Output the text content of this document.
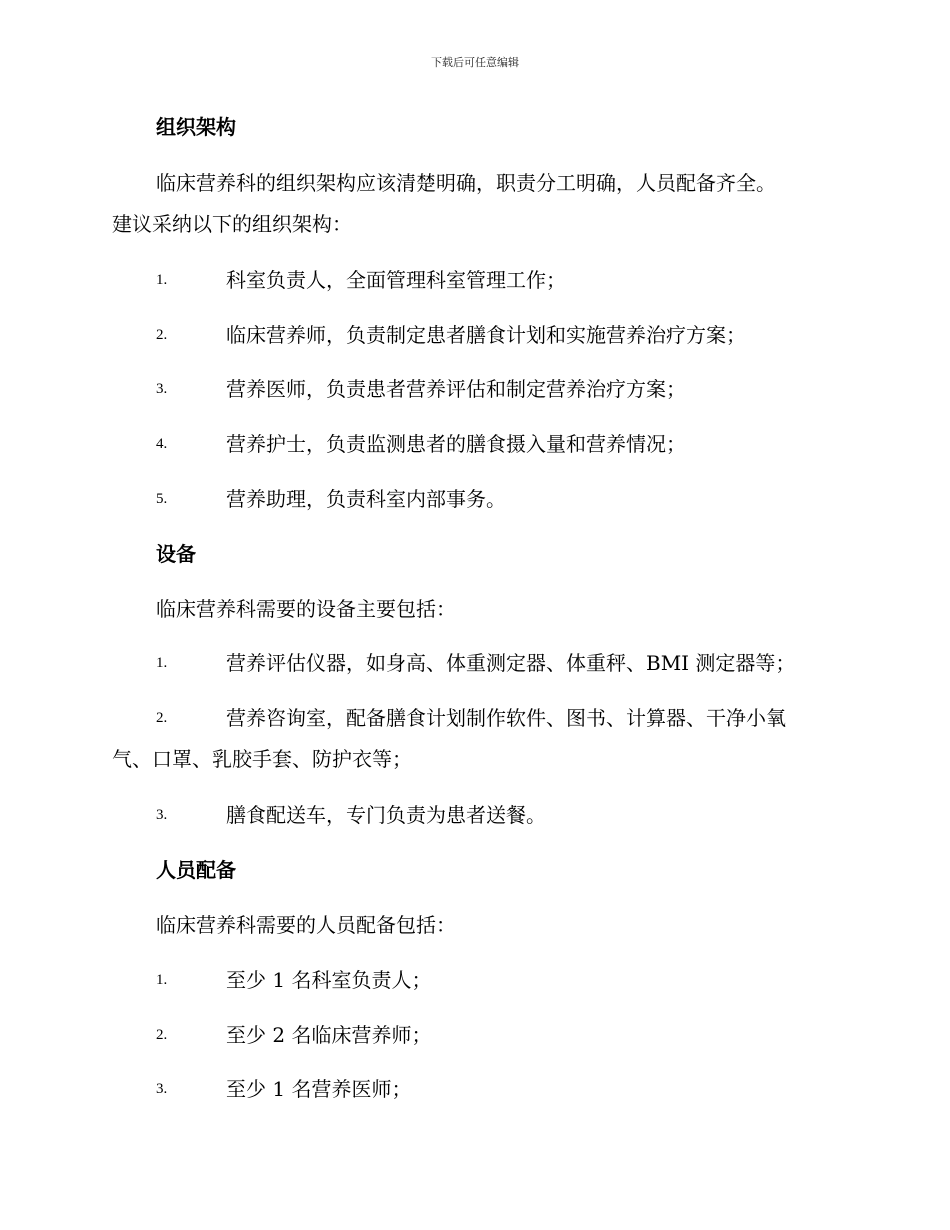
下载后可任意编辑
组织架构
临床营养科的组织架构应该清楚明确，职责分工明确，人员配备齐全。
建议采纳以下的组织架构：
1.	科室负责人，全面管理科室管理工作；
2.	临床营养师，负责制定患者膳食计划和实施营养治疗方案；
3.	营养医师，负责患者营养评估和制定营养治疗方案；
4.	营养护士，负责监测患者的膳食摄入量和营养情况；
5.	营养助理，负责科室内部事务。
设备
临床营养科需要的设备主要包括：
1.	营养评估仪器，如身高、体重测定器、体重秤、BMI 测定器等；
2.	营养咨询室，配备膳食计划制作软件、图书、计算器、干净小氧
气、口罩、乳胶手套、防护衣等；
3.	膳食配送车，专门负责为患者送餐。
人员配备
临床营养科需要的人员配备包括：
1.	至少 1 名科室负责人；
2.	至少 2 名临床营养师；
3.	至少 1 名营养医师；
